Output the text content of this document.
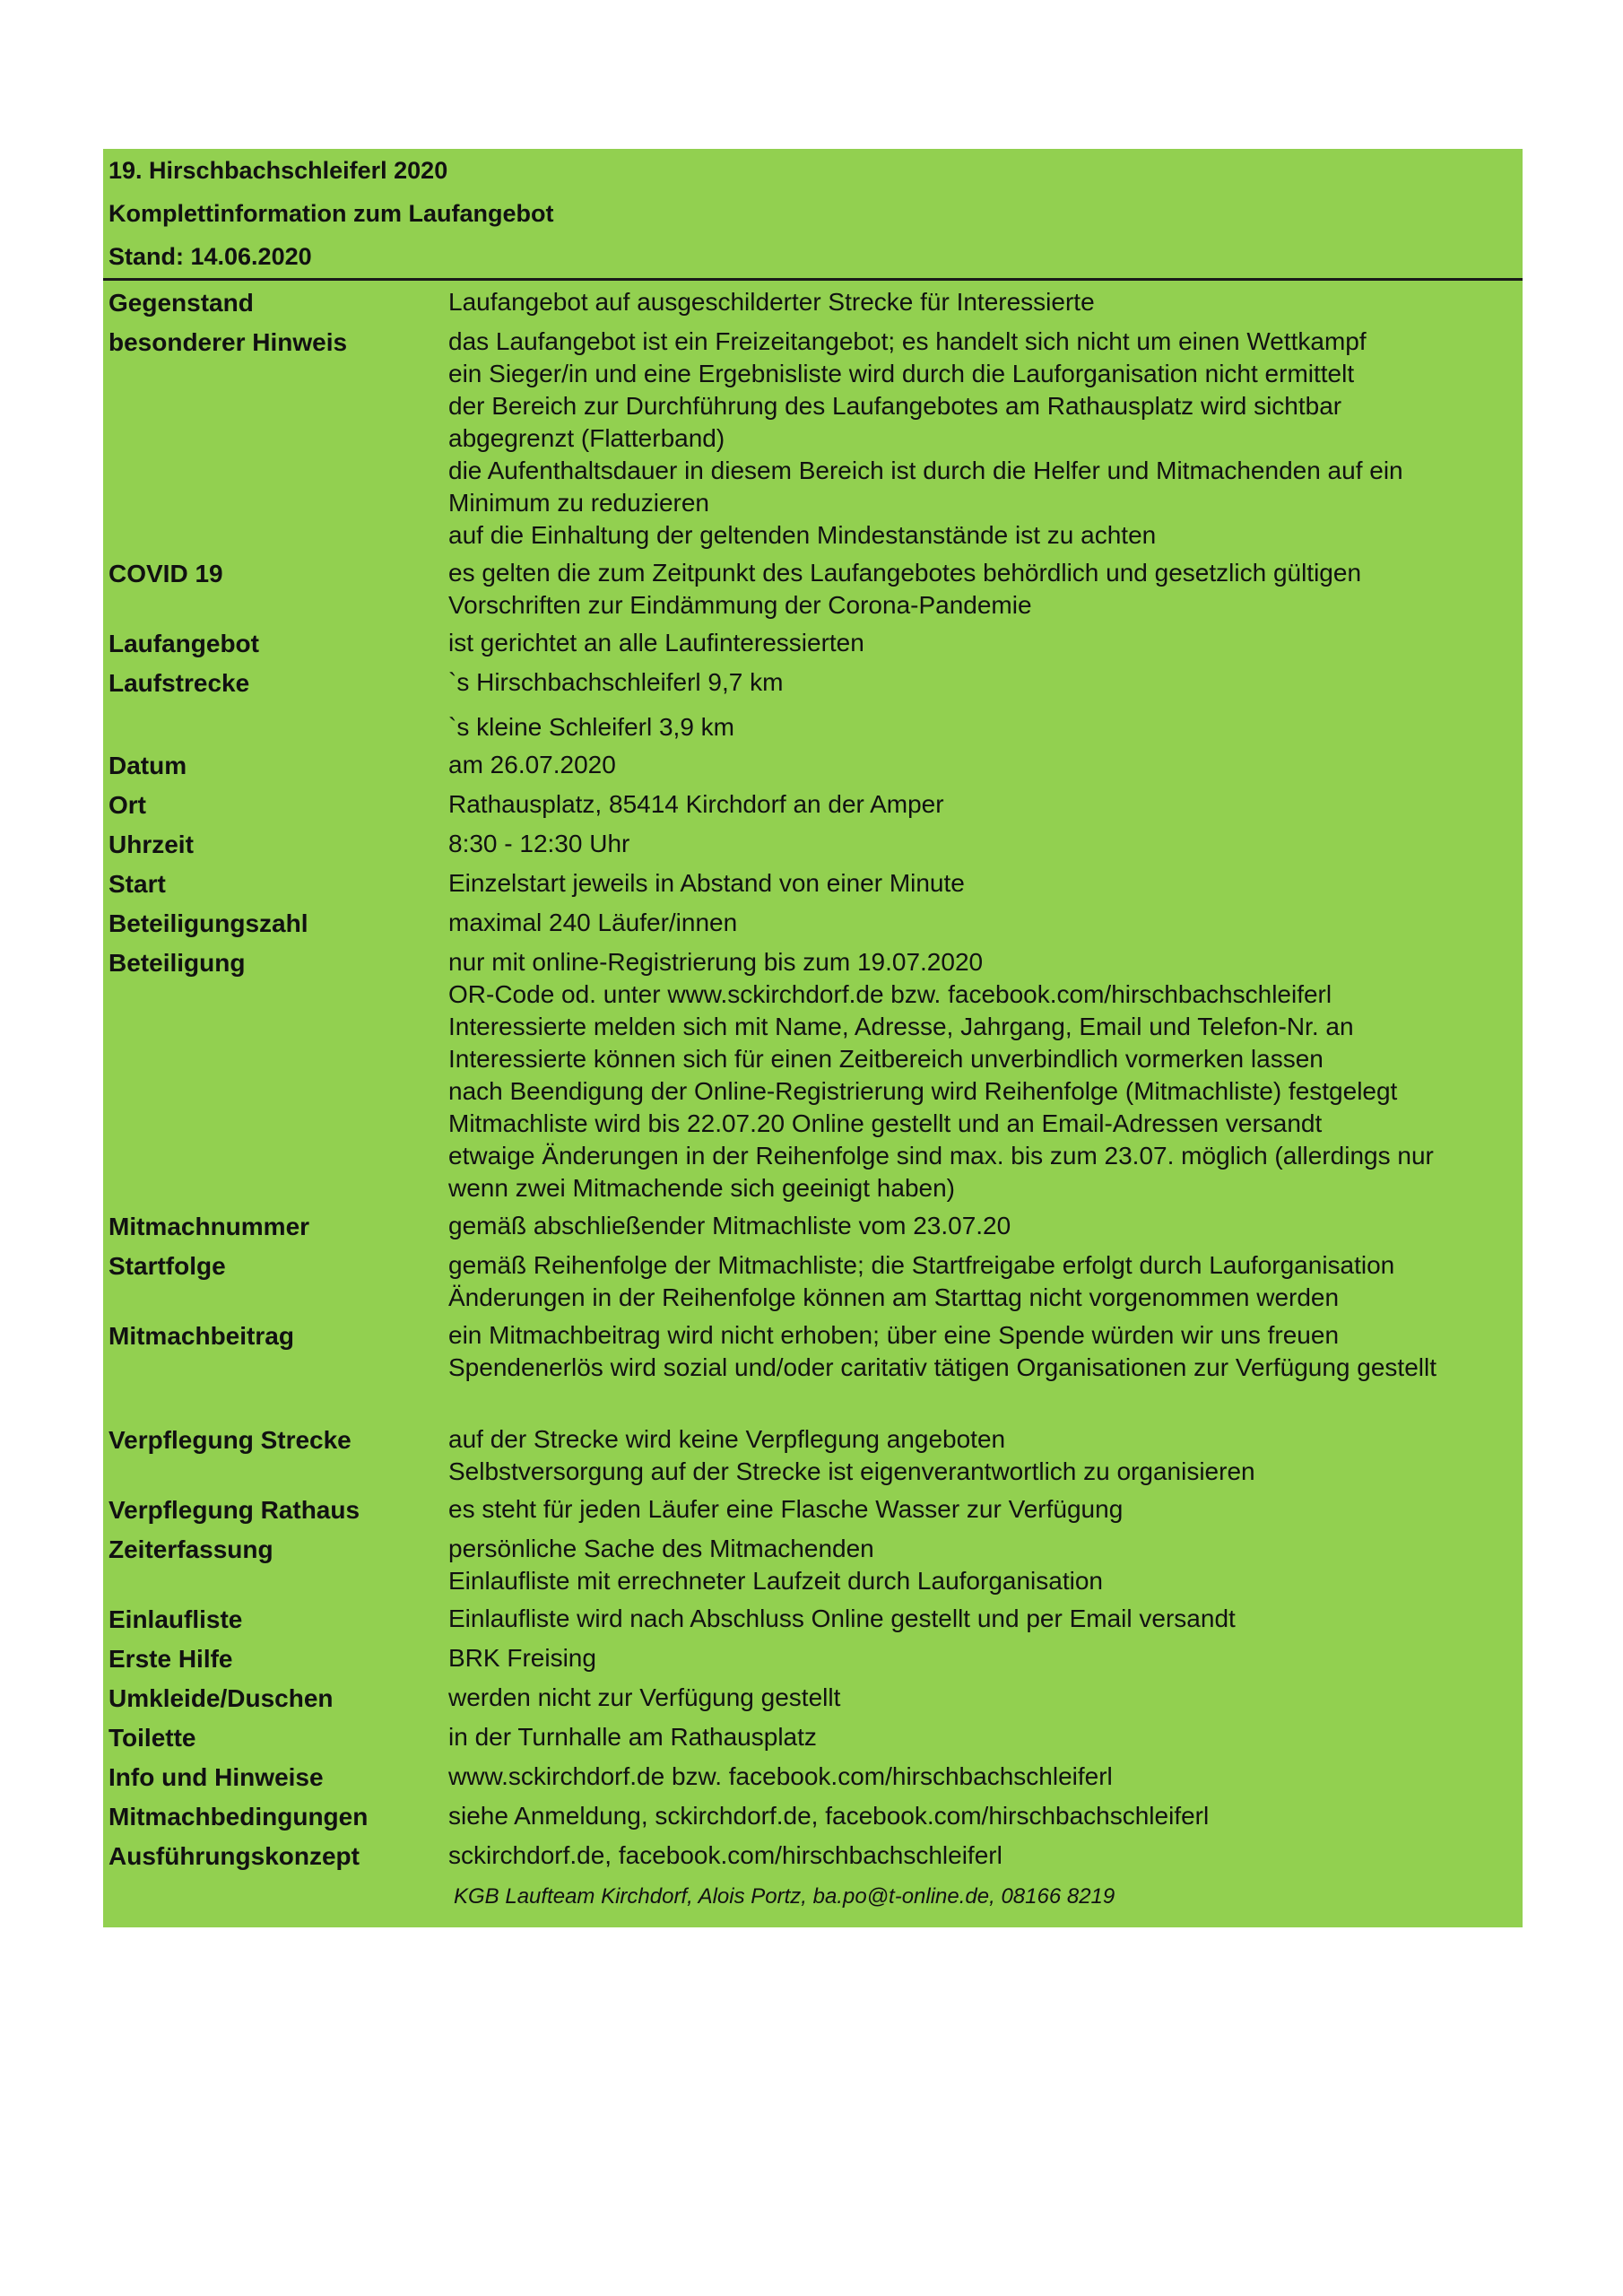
19. Hirschbachschleiferl 2020
Komplettinformation zum Laufangebot
Stand: 14.06.2020
Gegenstand	Laufangebot auf ausgeschilderter Strecke für Interessierte
besonderer Hinweis	das Laufangebot ist ein Freizeitangebot; es handelt sich nicht um einen Wettkampf
ein Sieger/in und eine Ergebnisliste wird durch die Lauforganisation nicht ermittelt
der Bereich zur Durchführung des Laufangebotes am Rathausplatz wird sichtbar
abgegrenzt (Flatterband)
die Aufenthaltsdauer in diesem Bereich ist durch die Helfer und Mitmachenden auf ein
Minimum zu reduzieren
auf die Einhaltung der geltenden Mindestanstände ist zu achten
COVID 19	es gelten die zum Zeitpunkt des Laufangebotes behördlich und gesetzlich gültigen
Vorschriften zur Eindämmung der Corona-Pandemie
Laufangebot	ist gerichtet an alle Laufinteressierten
Laufstrecke	`s Hirschbachschleiferl 9,7 km
`s kleine Schleiferl 3,9 km
Datum	am 26.07.2020
Ort	Rathausplatz, 85414 Kirchdorf an der Amper
Uhrzeit	8:30 - 12:30 Uhr
Start	Einzelstart jeweils in Abstand von einer Minute
Beteiligungszahl	maximal 240 Läufer/innen
Beteiligung	nur mit online-Registrierung bis zum 19.07.2020
OR-Code od. unter www.sckirchdorf.de bzw. facebook.com/hirschbachschleiferl
Interessierte melden sich mit Name, Adresse, Jahrgang, Email und Telefon-Nr. an
Interessierte können sich für einen Zeitbereich unverbindlich vormerken lassen
nach Beendigung der Online-Registrierung wird Reihenfolge (Mitmachliste) festgelegt
Mitmachliste wird bis 22.07.20 Online gestellt und an Email-Adressen versandt
etwaige Änderungen in der Reihenfolge sind max. bis zum 23.07. möglich (allerdings nur
wenn zwei Mitmachende sich geeinigt haben)
Mitmachnummer	gemäß abschließender Mitmachliste vom 23.07.20
Startfolge	gemäß Reihenfolge der Mitmachliste; die Startfreigabe erfolgt durch Lauforganisation
Änderungen in der Reihenfolge können am Starttag nicht vorgenommen werden
Mitmachbeitrag	ein Mitmachbeitrag wird nicht erhoben; über eine Spende würden wir uns freuen
Spendenerlös wird sozial und/oder caritativ tätigen Organisationen zur Verfügung gestellt
Verpflegung Strecke	auf der Strecke wird keine Verpflegung angeboten
Selbstversorgung auf der Strecke ist eigenverantwortlich zu organisieren
Verpflegung Rathaus	es steht für jeden Läufer eine Flasche Wasser zur Verfügung
Zeiterfassung	persönliche Sache des Mitmachenden
Einlaufliste mit errechneter Laufzeit durch Lauforganisation
Einlaufliste	Einlaufliste wird nach Abschluss Online gestellt und per Email versandt
Erste Hilfe	BRK Freising
Umkleide/Duschen	werden nicht zur Verfügung gestellt
Toilette	in der Turnhalle am Rathausplatz
Info und Hinweise	www.sckirchdorf.de bzw. facebook.com/hirschbachschleiferl
Mitmachbedingungen	siehe Anmeldung, sckirchdorf.de, facebook.com/hirschbachschleiferl
Ausführungskonzept	sckirchdorf.de, facebook.com/hirschbachschleiferl
KGB Laufteam Kirchdorf, Alois Portz, ba.po@t-online.de, 08166 8219
